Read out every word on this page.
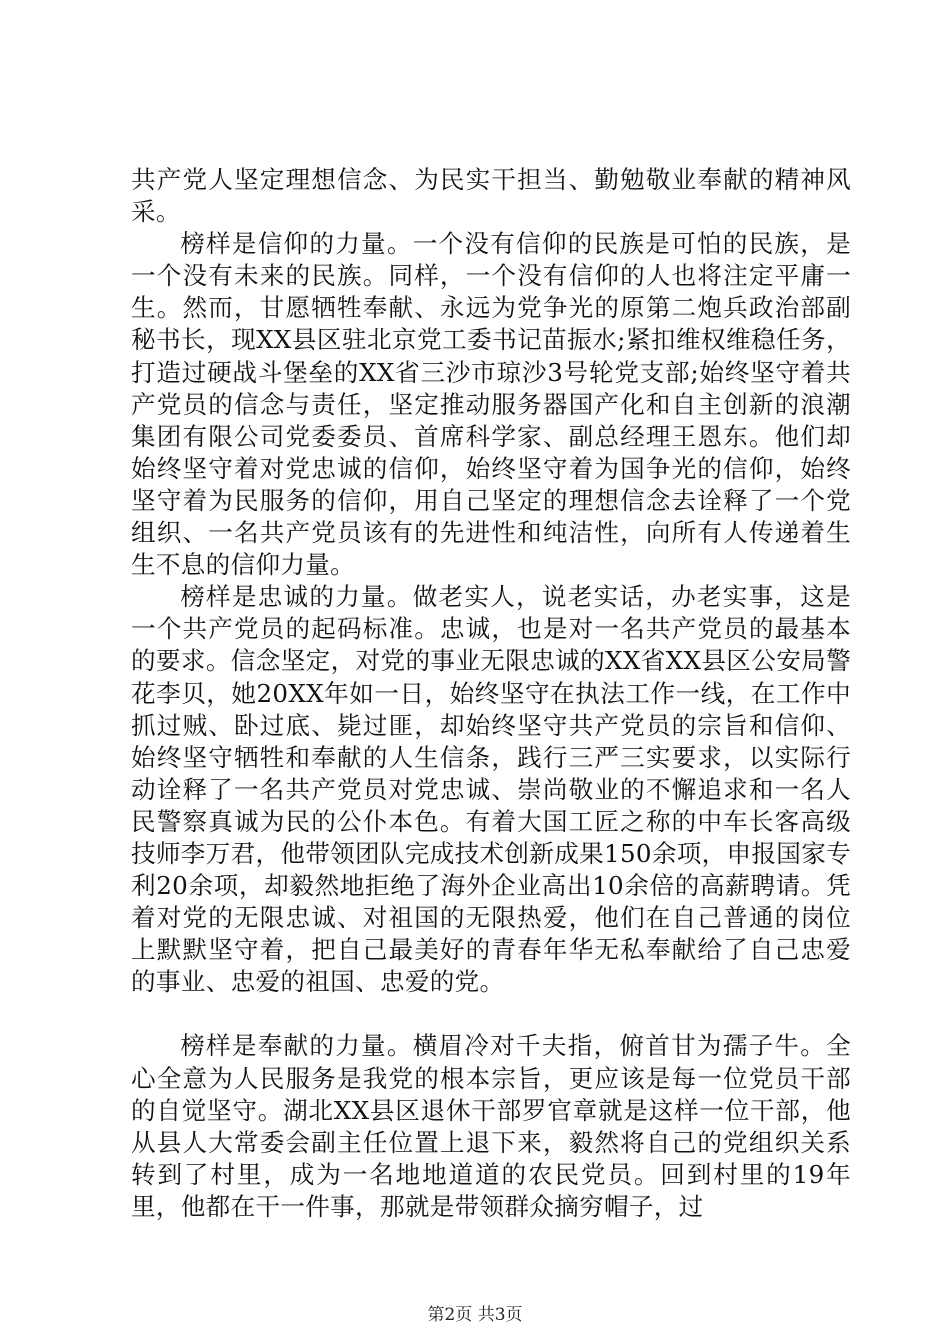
共产党人坚定理想信念、为民实干担当、勤勉敬业奉献的精神风采。

榜样是信仰的力量。一个没有信仰的民族是可怕的民族，是一个没有未来的民族。同样，一个没有信仰的人也将注定平庸一生。然而，甘愿牺牲奉献、永远为党争光的原第二炮兵政治部副秘书长，现XX县区驻北京党工委书记苗振水;紧扣维权维稳任务，打造过硬战斗堡垒的XX省三沙市琼沙3号轮党支部;始终坚守着共产党员的信念与责任，坚定推动服务器国产化和自主创新的浪潮集团有限公司党委委员、首席科学家、副总经理王恩东。他们却始终坚守着对党忠诚的信仰，始终坚守着为国争光的信仰，始终坚守着为民服务的信仰，用自己坚定的理想信念去诠释了一个党组织、一名共产党员该有的先进性和纯洁性，向所有人传递着生生不息的信仰力量。

榜样是忠诚的力量。做老实人，说老实话，办老实事，这是一个共产党员的起码标准。忠诚，也是对一名共产党员的最基本的要求。信念坚定，对党的事业无限忠诚的XX省XX县区公安局警花李贝，她20XX年如一日，始终坚守在执法工作一线，在工作中抓过贼、卧过底、毙过匪，却始终坚守共产党员的宗旨和信仰、始终坚守牺牲和奉献的人生信条，践行三严三实要求，以实际行动诠释了一名共产党员对党忠诚、崇尚敬业的不懈追求和一名人民警察真诚为民的公仆本色。有着大国工匠之称的中车长客高级技师李万君，他带领团队完成技术创新成果150余项，申报国家专利20余项，却毅然地拒绝了海外企业高出10余倍的高薪聘请。凭着对党的无限忠诚、对祖国的无限热爱，他们在自己普通的岗位上默默坚守着，把自己最美好的青春年华无私奉献给了自己忠爱的事业、忠爱的祖国、忠爱的党。

榜样是奉献的力量。横眉冷对千夫指，俯首甘为孺子牛。全心全意为人民服务是我党的根本宗旨，更应该是每一位党员干部的自觉坚守。湖北XX县区退休干部罗官章就是这样一位干部，他从县人大常委会副主任位置上退下来，毅然将自己的党组织关系转到了村里，成为一名地地道道的农民党员。回到村里的19年里，他都在干一件事，那就是带领群众摘穷帽子，过

第2页 共3页
